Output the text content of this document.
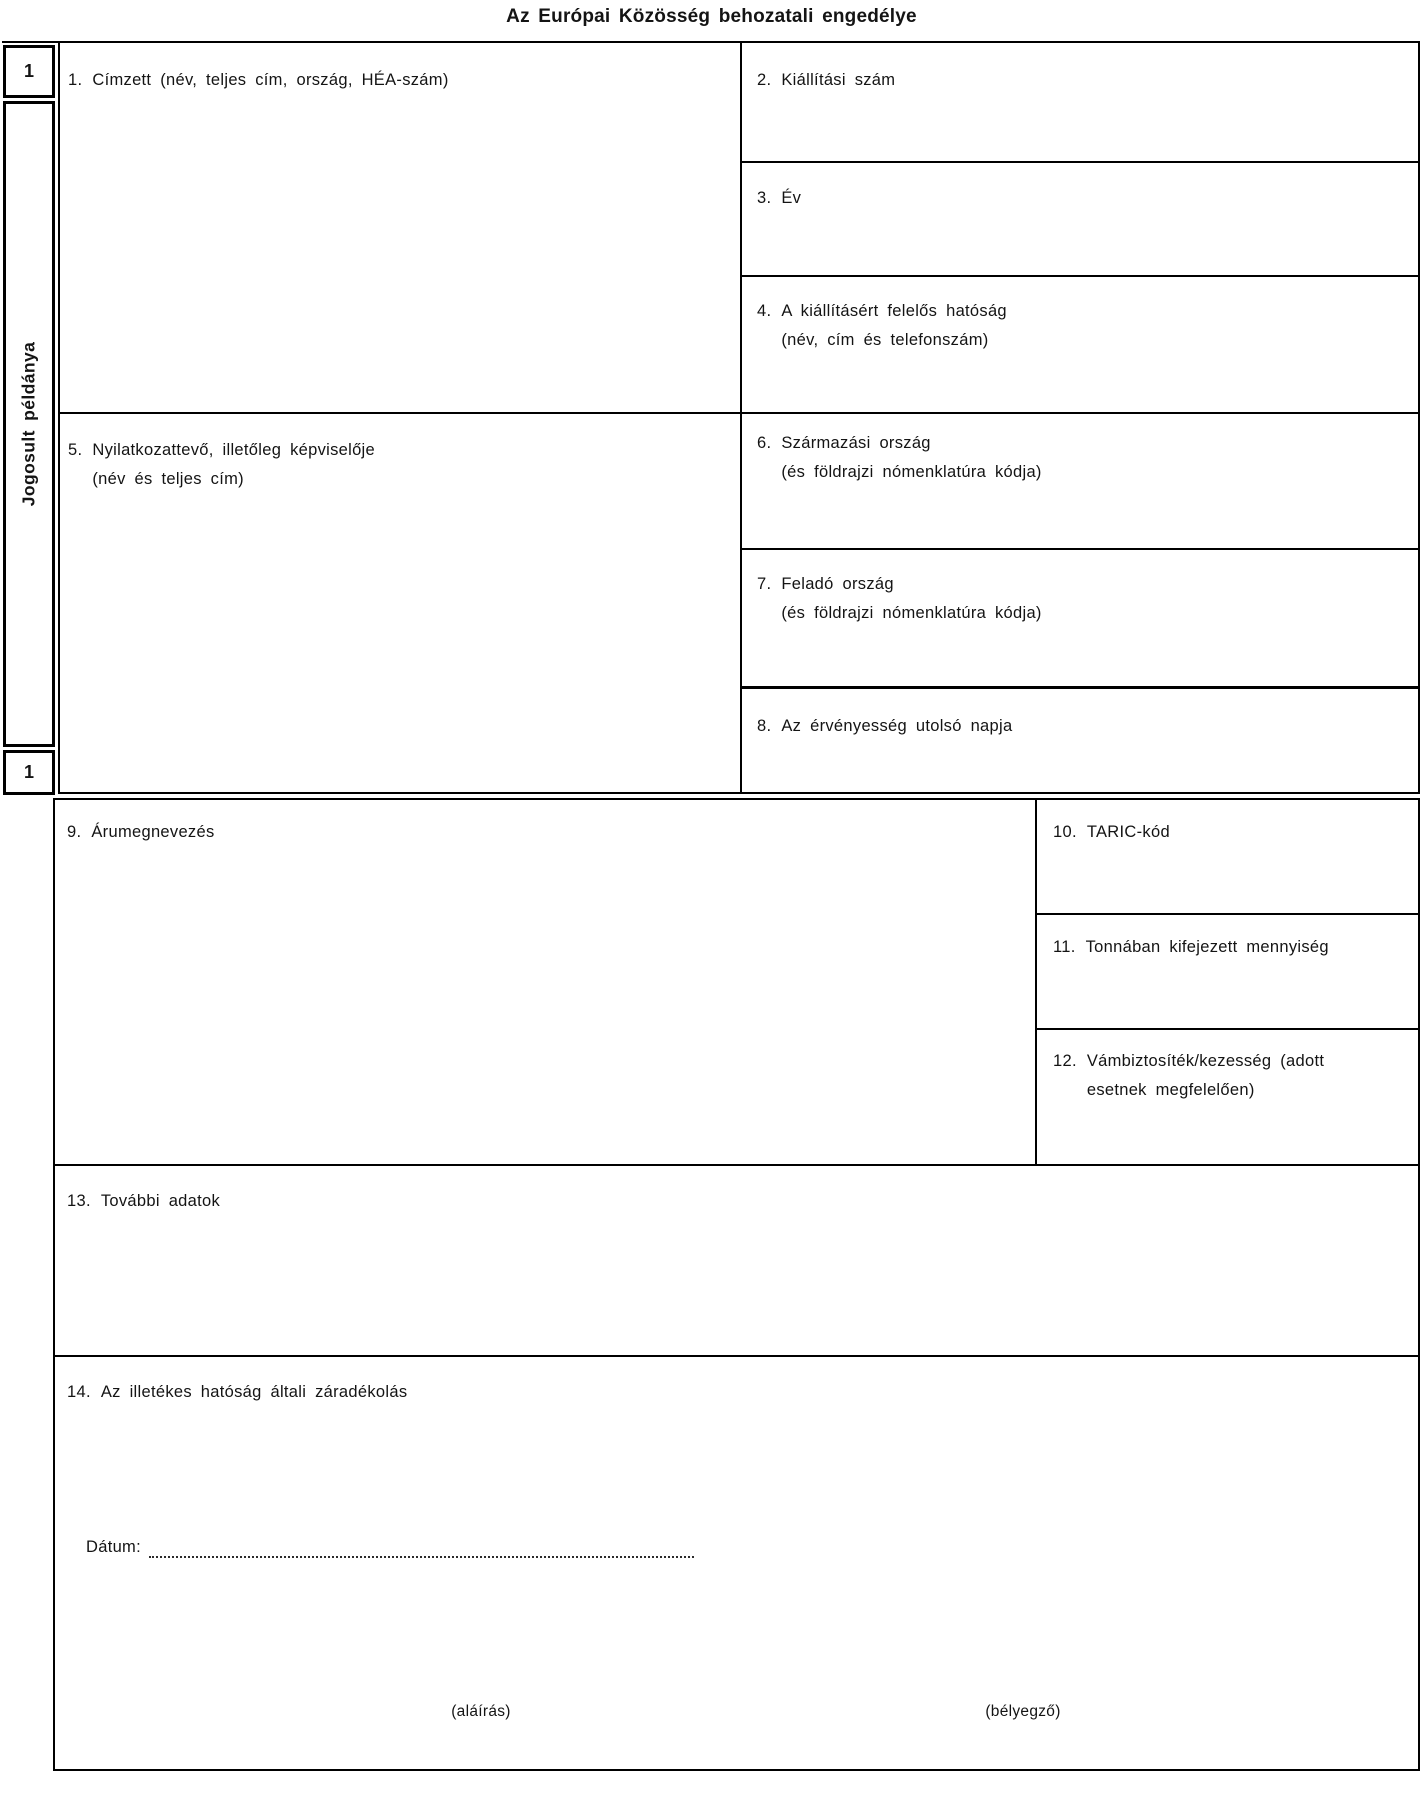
Az Európai Közösség behozatali engedélye
1
Jogosult példánya
1
1. Címzett (név, teljes cím, ország, HÉA-szám)	2. Kiállítási szám
3. Év
4. A kiállításért felelős hatóság
(név, cím és telefonszám)
5. Nyilatkozattevő, illetőleg képviselője
(név és teljes cím)
6. Származási ország
(és földrajzi nómenklatúra kódja)
7. Feladó ország
(és földrajzi nómenklatúra kódja)
8. Az érvényesség utolsó napja
9. Árumegnevezés	10. TARIC-kód
11. Tonnában kifejezett mennyiség
12. Vámbiztosíték/kezesség (adott
esetnek megfelelően)
13. További adatok
14. Az illetékes hatóság általi záradékolás
Dátum:
(aláírás)	(bélyegző)
